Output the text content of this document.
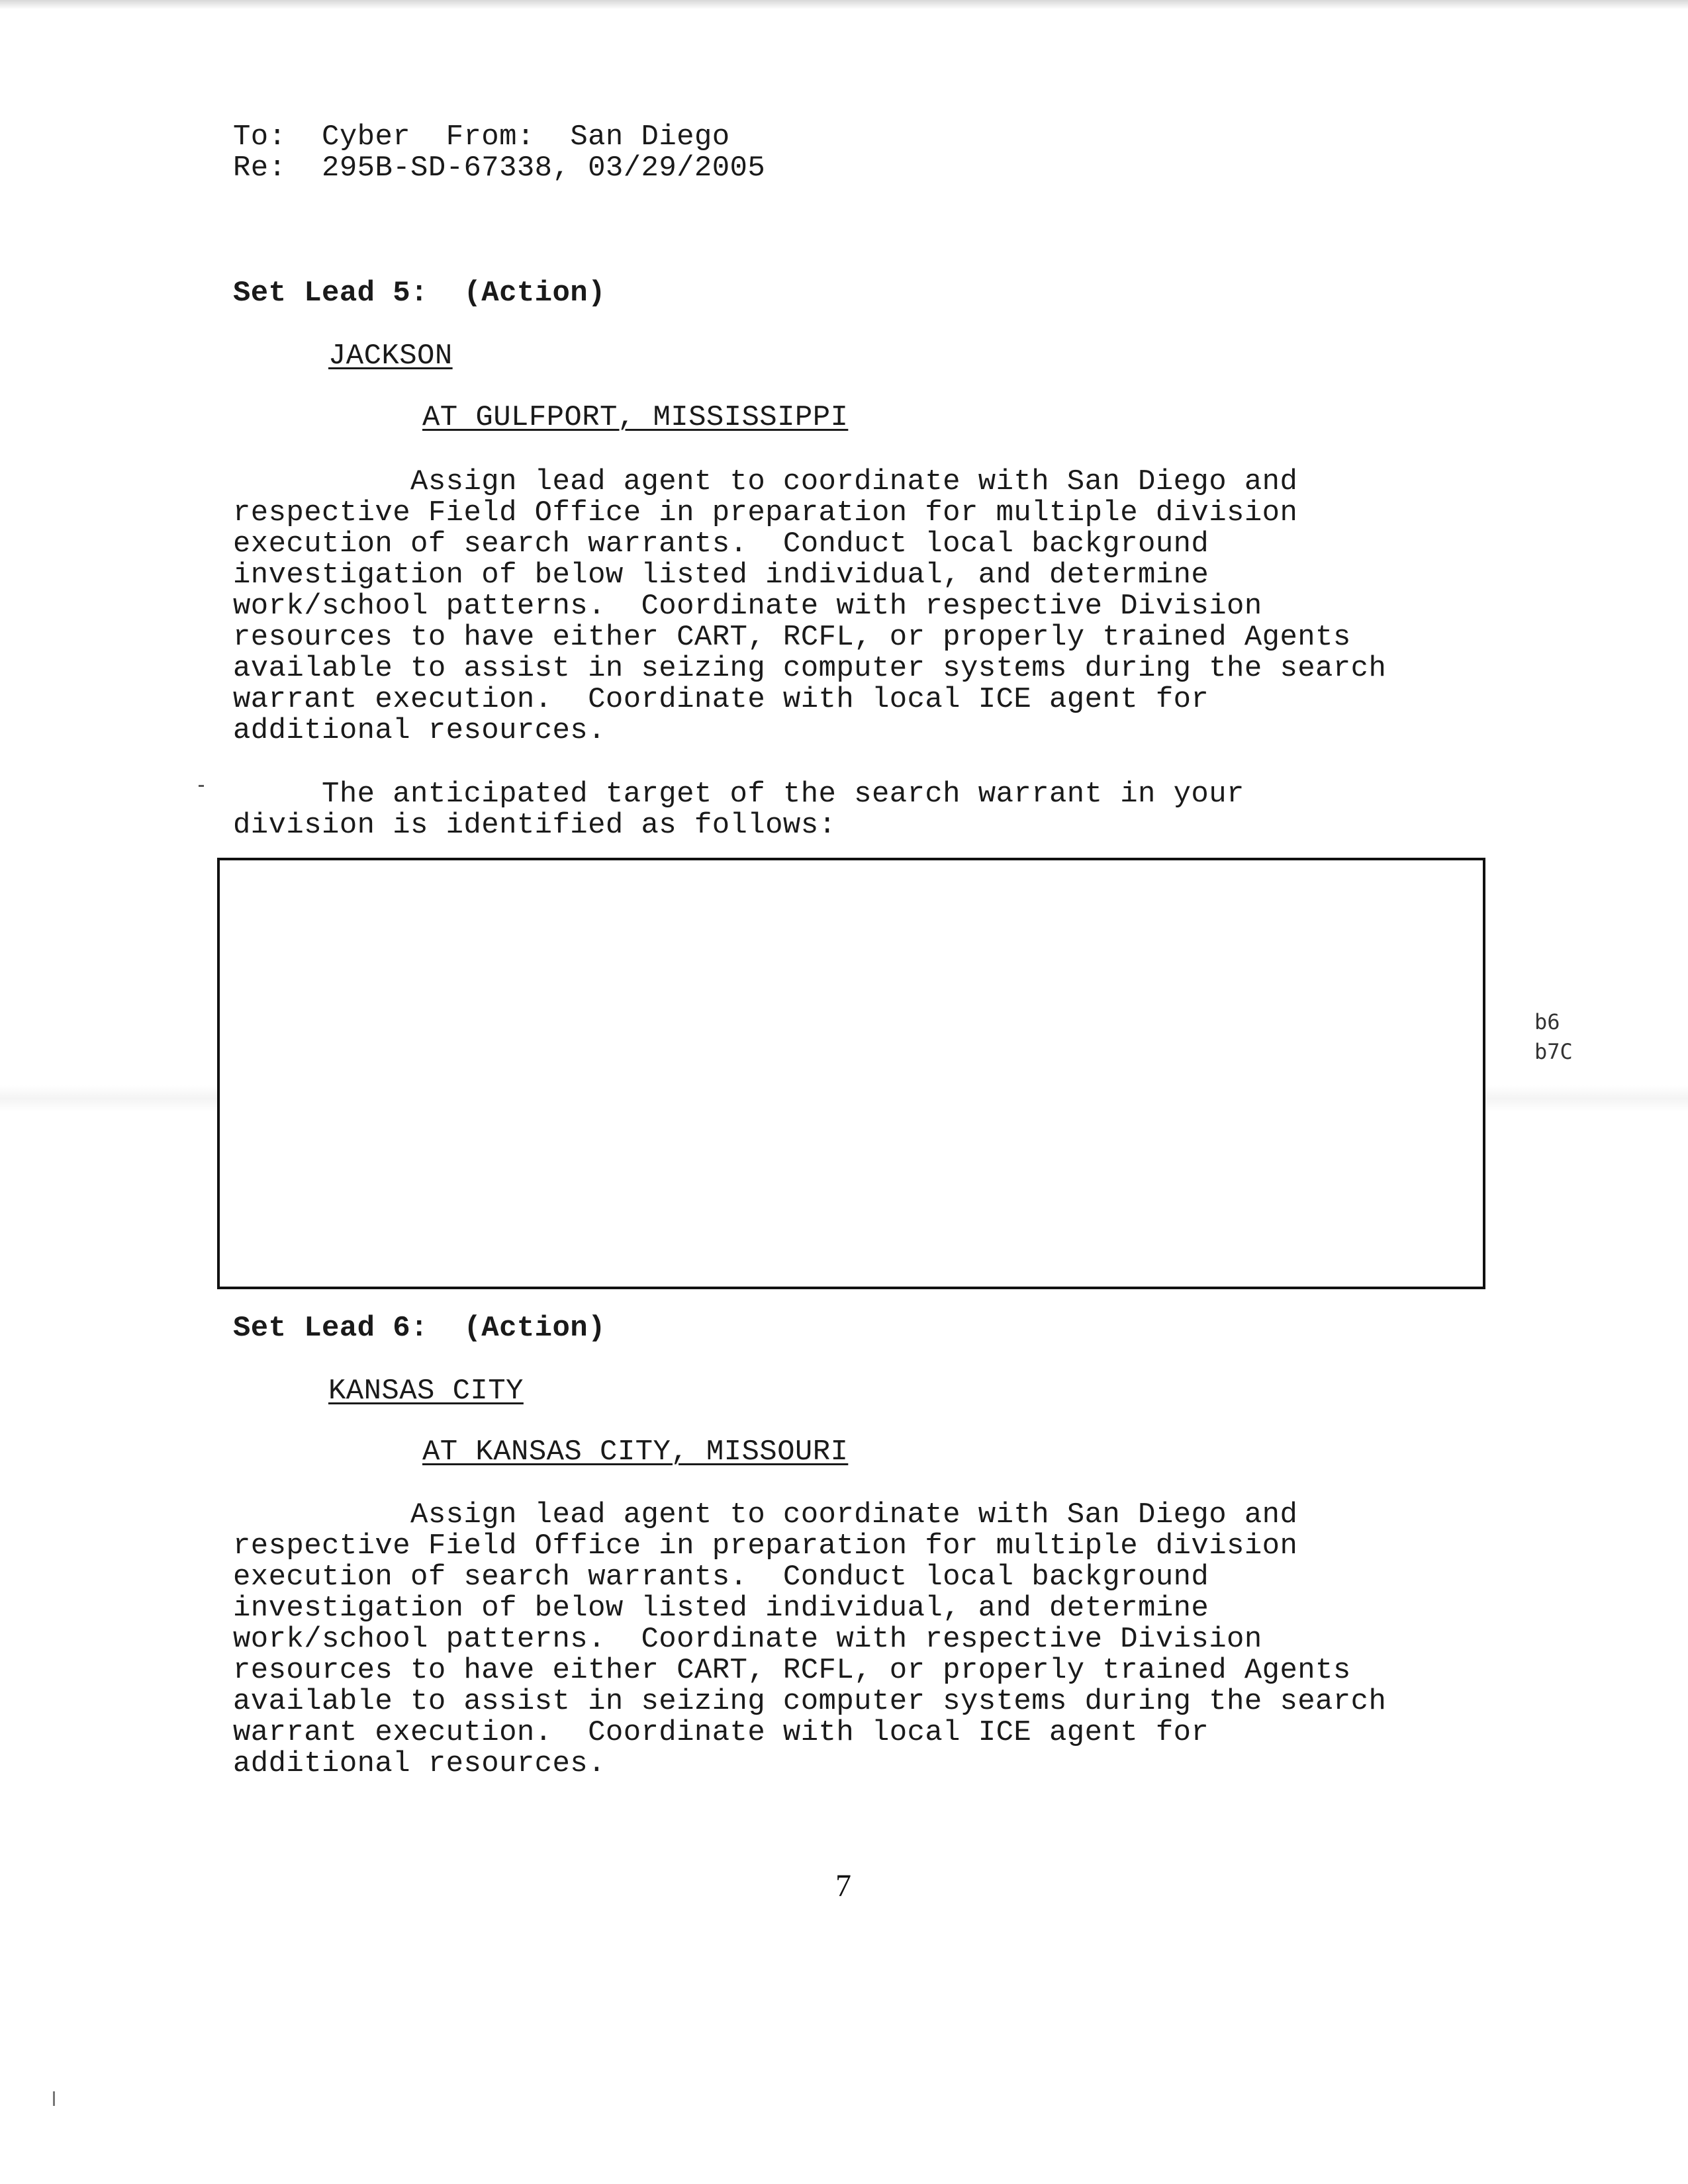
To: Cyber From: San Diego
Re: 295B-SD-67338, 03/29/2005
Set Lead 5: (Action)
JACKSON
AT GULFPORT, MISSISSIPPI
Assign lead agent to coordinate with San Diego and
respective Field Office in preparation for multiple division
execution of search warrants.  Conduct local background
investigation of below listed individual, and determine
work/school patterns.  Coordinate with respective Division
resources to have either CART, RCFL, or properly trained Agents
available to assist in seizing computer systems during the search
warrant execution.  Coordinate with local ICE agent for
additional resources.
The anticipated target of the search warrant in your
division is identified as follows:
b6
b7C
Set Lead 6: (Action)
KANSAS CITY
AT KANSAS CITY, MISSOURI
Assign lead agent to coordinate with San Diego and
respective Field Office in preparation for multiple division
execution of search warrants.  Conduct local background
investigation of below listed individual, and determine
work/school patterns.  Coordinate with respective Division
resources to have either CART, RCFL, or properly trained Agents
available to assist in seizing computer systems during the search
warrant execution.  Coordinate with local ICE agent for
additional resources.
7
